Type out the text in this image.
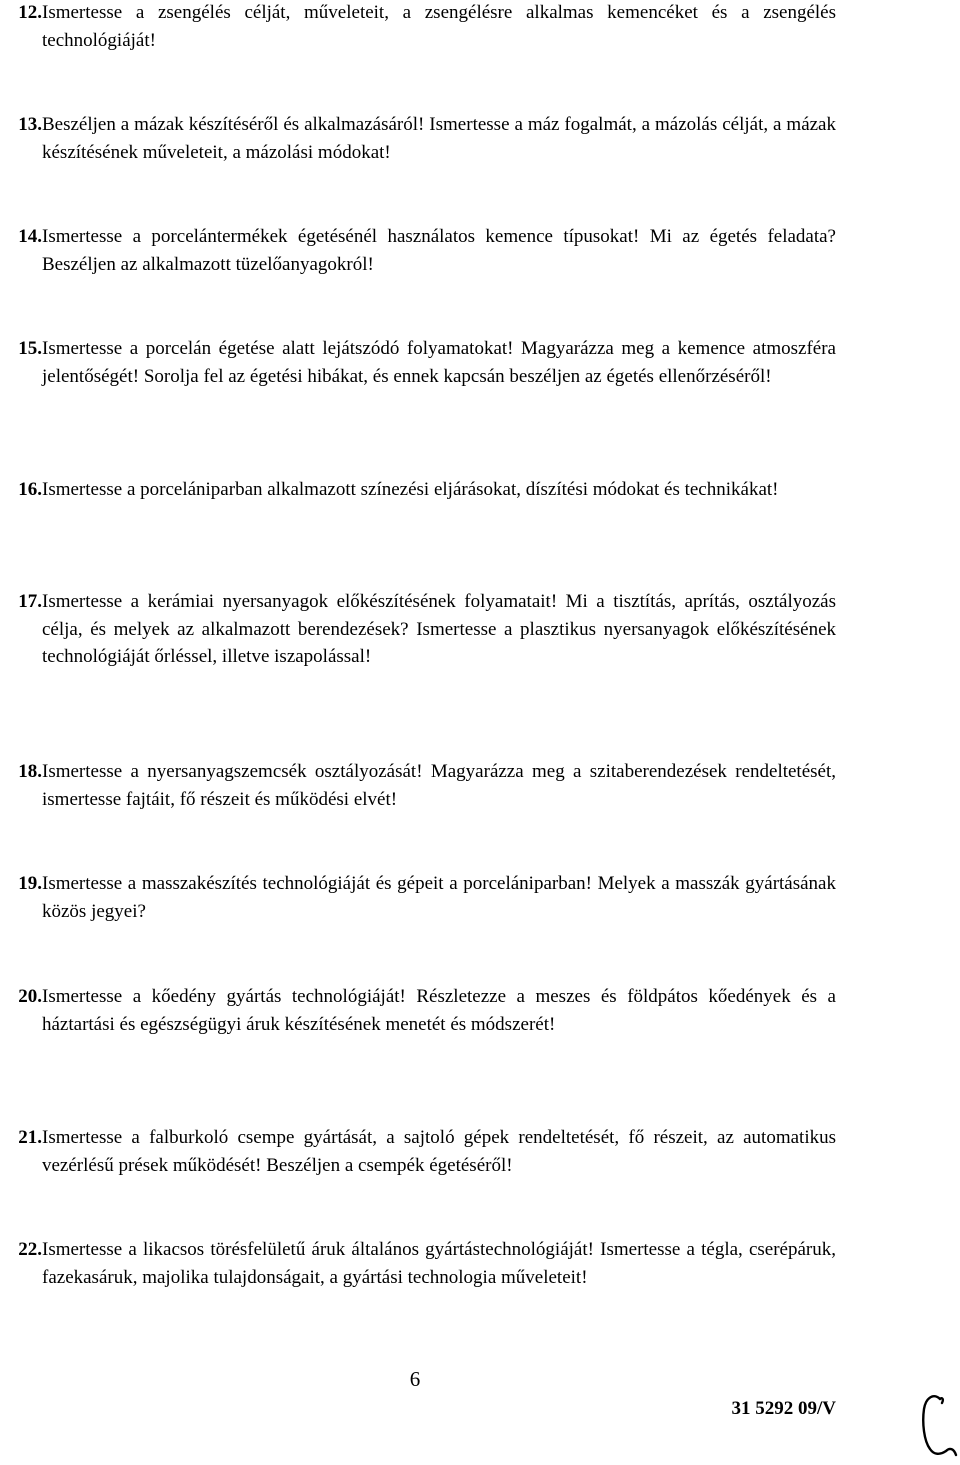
12. Ismertesse a zsengélés célját, műveleteit, a zsengélésre alkalmas kemencéket és a zsengélés technológiáját!
13. Beszéljen a mázak készítéséről és alkalmazásáról! Ismertesse a máz fogalmát, a mázolás célját, a mázak készítésének műveleteit, a mázolási módokat!
14. Ismertesse a porcelántermékek égetésénél használatos kemence típusokat! Mi az égetés feladata? Beszéljen az alkalmazott tüzelőanyagokról!
15. Ismertesse a porcelán égetése alatt lejátszódó folyamatokat! Magyarázza meg a kemence atmoszféra jelentőségét! Sorolja fel az égetési hibákat, és ennek kapcsán beszéljen az égetés ellenőrzéséről!
16. Ismertesse a porcelániparban alkalmazott színezési eljárásokat, díszítési módokat és technikákat!
17. Ismertesse a kerámiai nyersanyagok előkészítésének folyamatait! Mi a tisztítás, aprítás, osztályozás célja, és melyek az alkalmazott berendezések? Ismertesse a plasztikus nyersanyagok előkészítésének technológiáját őrléssel, illetve iszapolással!
18. Ismertesse a nyersanyagszemcsék osztályozását! Magyarázza meg a szitaberendezések rendeltetését, ismertesse fajtáit, fő részeit és működési elvét!
19. Ismertesse a masszakészítés technológiáját és gépeit a porcelániparban! Melyek a masszák gyártásának közös jegyei?
20. Ismertesse a kőedény gyártás technológiáját! Részletezze a meszes és földpátos kőedények és a háztartási és egészségügyi áruk készítésének menetét és módszerét!
21. Ismertesse a falburkoló csempe gyártását, a sajtoló gépek rendeltetését, fő részeit, az automatikus vezérlésű prések működését! Beszéljen a csempék égetéséről!
22. Ismertesse a likacsos törésfelületű áruk általános gyártástechnológiáját! Ismertesse a tégla, cserépáruk, fazekasáruk, majolika tulajdonságait, a gyártási technologia műveleteit!
6
31 5292 09/V
